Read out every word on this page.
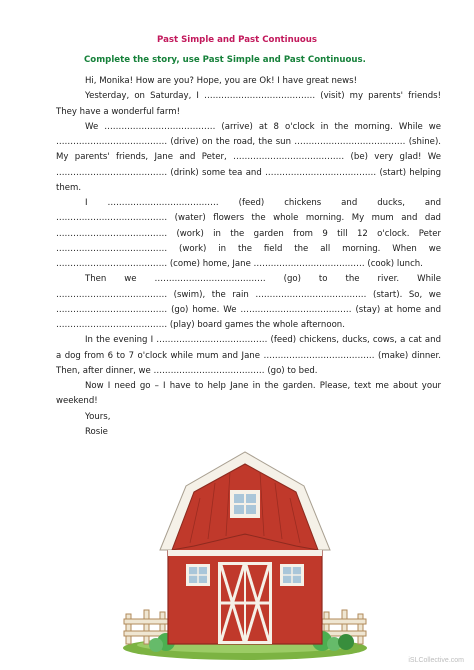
Past Simple and Past Continuous

Complete the story, use Past Simple and Past Continuous.

Hi, Monika! How are you? Hope, you are Ok! I have great news!

Yesterday, on Saturday, I ………………………………… (visit) my parents' friends! They have a wonderful farm!

We ………………………………… (arrive) at 8 o'clock in the morning. While we ………………………………… (drive) on the road, the sun ………………………………… (shine). My parents' friends, Jane and Peter, ………………………………… (be) very glad! We ………………………………… (drink) some tea and ………………………………… (start) helping them.

I ………………………………… (feed) chickens and ducks, and ………………………………… (water) flowers the whole morning. My mum and dad ………………………………… (work) in the garden from 9 till 12 o'clock. Peter ………………………………… (work) in the field the all morning. When we ………………………………… (come) home, Jane ………………………………… (cook) lunch.

Then we ………………………………… (go) to the river. While ………………………………… (swim), the rain ………………………………… (start). So, we ………………………………… (go) home. We ………………………………… (stay) at home and ………………………………… (play) board games the whole afternoon.

In the evening I ………………………………… (feed) chickens, ducks, cows, a cat and a dog from 6 to 7 o'clock while mum and Jane ………………………………… (make) dinner. Then, after dinner, we ………………………………… (go) to bed.

Now I need go – I have to help Jane in the garden. Please, text me about your weekend!

Yours,

Rosie

iSLCollective.com
